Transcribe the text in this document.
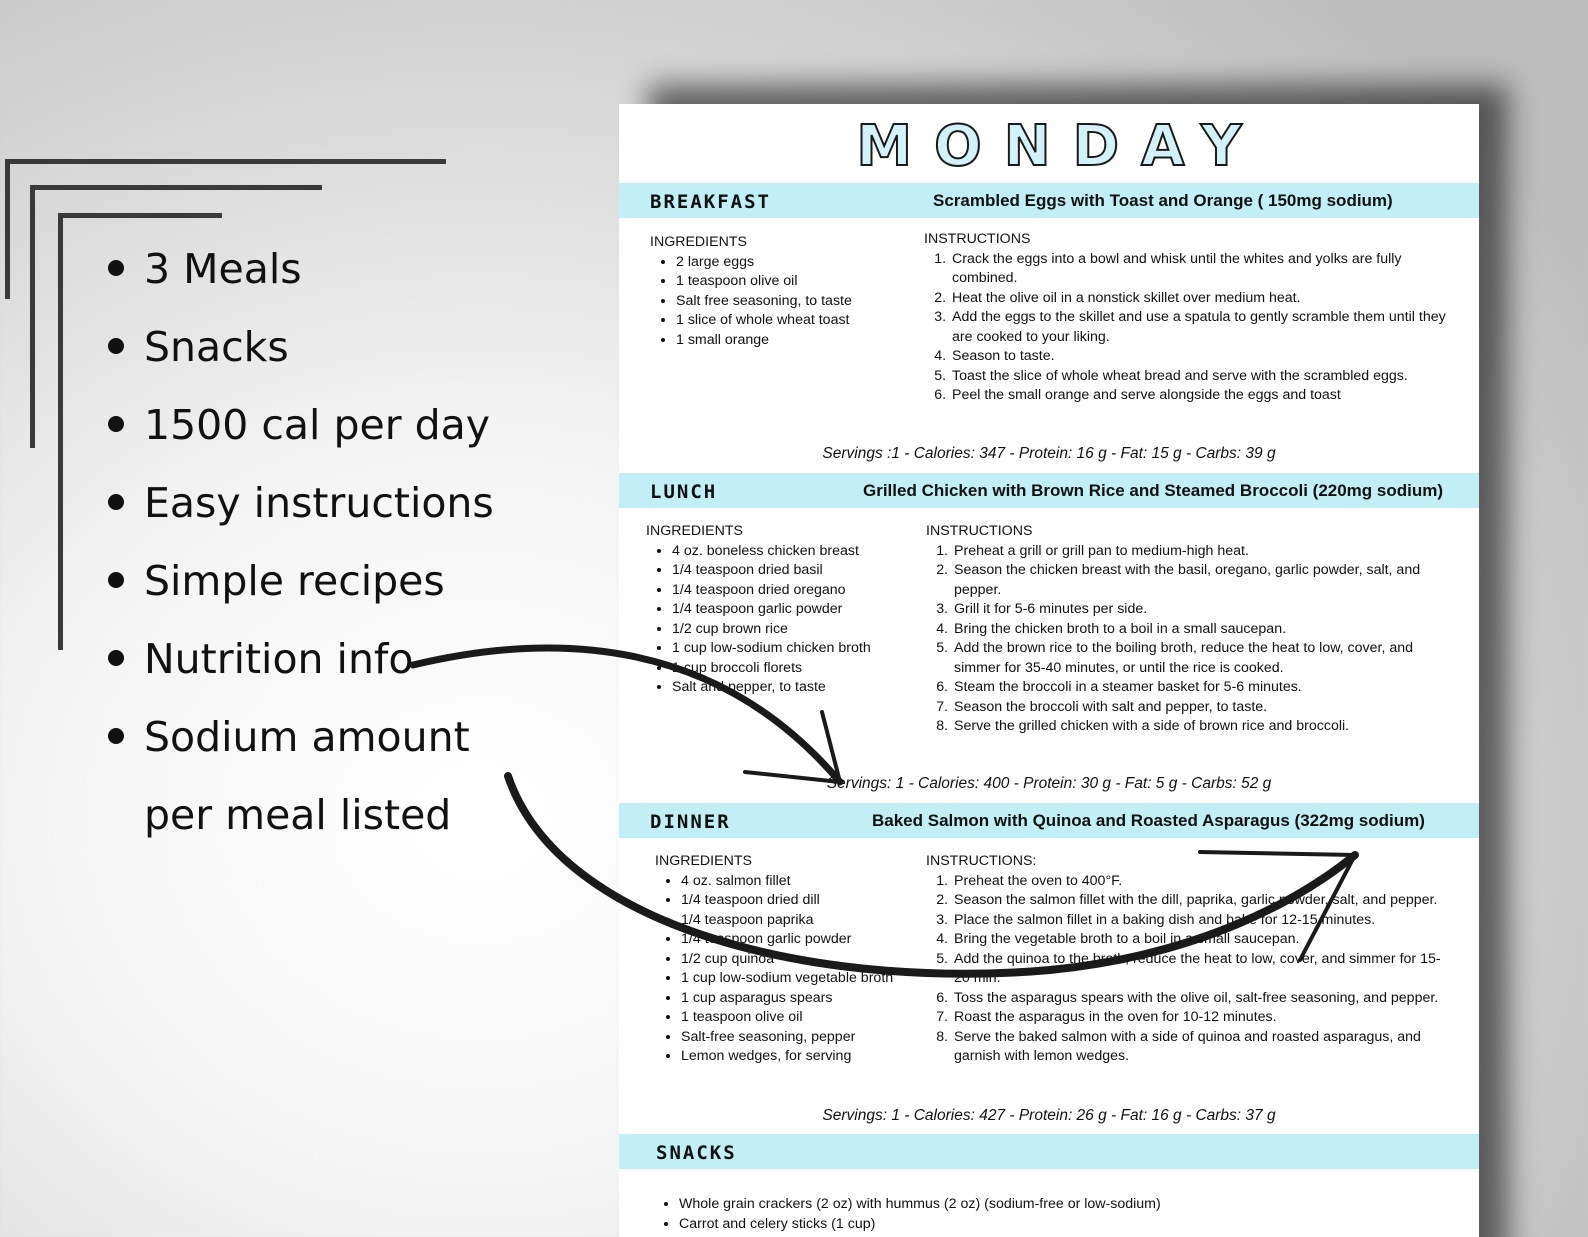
3 Meals
Snacks
1500 cal per day
Easy instructions
Simple recipes
Nutrition info
Sodium amount per meal listed
MONDAY
BREAKFAST	Scrambled Eggs with Toast and Orange ( 150mg sodium)
INGREDIENTS
• 2 large eggs
• 1 teaspoon olive oil
• Salt free seasoning, to taste
• 1 slice of whole wheat toast
• 1 small orange
INSTRUCTIONS
1. Crack the eggs into a bowl and whisk until the whites and yolks are fully combined.
2. Heat the olive oil in a nonstick skillet over medium heat.
3. Add the eggs to the skillet and use a spatula to gently scramble them until they are cooked to your liking.
4. Season to taste.
5. Toast the slice of whole wheat bread and serve with the scrambled eggs.
6. Peel the small orange and serve alongside the eggs and toast
Servings :1 - Calories: 347 - Protein: 16 g - Fat: 15 g - Carbs: 39 g
LUNCH	Grilled Chicken with Brown Rice and Steamed Broccoli (220mg sodium)
INGREDIENTS
• 4 oz. boneless chicken breast
• 1/4 teaspoon dried basil
• 1/4 teaspoon dried oregano
• 1/4 teaspoon garlic powder
• 1/2 cup brown rice
• 1 cup low-sodium chicken broth
• 1 cup broccoli florets
• Salt and pepper, to taste
INSTRUCTIONS
1. Preheat a grill or grill pan to medium-high heat.
2. Season the chicken breast with the basil, oregano, garlic powder, salt, and pepper.
3. Grill it for 5-6 minutes per side.
4. Bring the chicken broth to a boil in a small saucepan.
5. Add the brown rice to the boiling broth, reduce the heat to low, cover, and simmer for 35-40 minutes, or until the rice is cooked.
6. Steam the broccoli in a steamer basket for 5-6 minutes.
7. Season the broccoli with salt and pepper, to taste.
8. Serve the grilled chicken with a side of brown rice and broccoli.
Servings: 1 - Calories: 400 - Protein: 30 g - Fat: 5 g - Carbs: 52 g
DINNER	Baked Salmon with Quinoa and Roasted Asparagus (322mg sodium)
INGREDIENTS
• 4 oz. salmon fillet
• 1/4 teaspoon dried dill
• 1/4 teaspoon paprika
• 1/4 teaspoon garlic powder
• 1/2 cup quinoa
• 1 cup low-sodium vegetable broth
• 1 cup asparagus spears
• 1 teaspoon olive oil
• Salt-free seasoning, pepper
• Lemon wedges, for serving
INSTRUCTIONS:
1. Preheat the oven to 400°F.
2. Season the salmon fillet with the dill, paprika, garlic powder, salt, and pepper.
3. Place the salmon fillet in a baking dish and bake for 12-15 minutes.
4. Bring the vegetable broth to a boil in a small saucepan.
5. Add the quinoa to the broth, reduce the heat to low, cover, and simmer for 15-20 min.
6. Toss the asparagus spears with the olive oil, salt-free seasoning, and pepper.
7. Roast the asparagus in the oven for 10-12 minutes.
8. Serve the baked salmon with a side of quinoa and roasted asparagus, and garnish with lemon wedges.
Servings: 1 - Calories: 427 - Protein: 26 g - Fat: 16 g - Carbs: 37 g
SNACKS
• Whole grain crackers (2 oz) with hummus (2 oz) (sodium-free or low-sodium)
• Carrot and celery sticks (1 cup)
